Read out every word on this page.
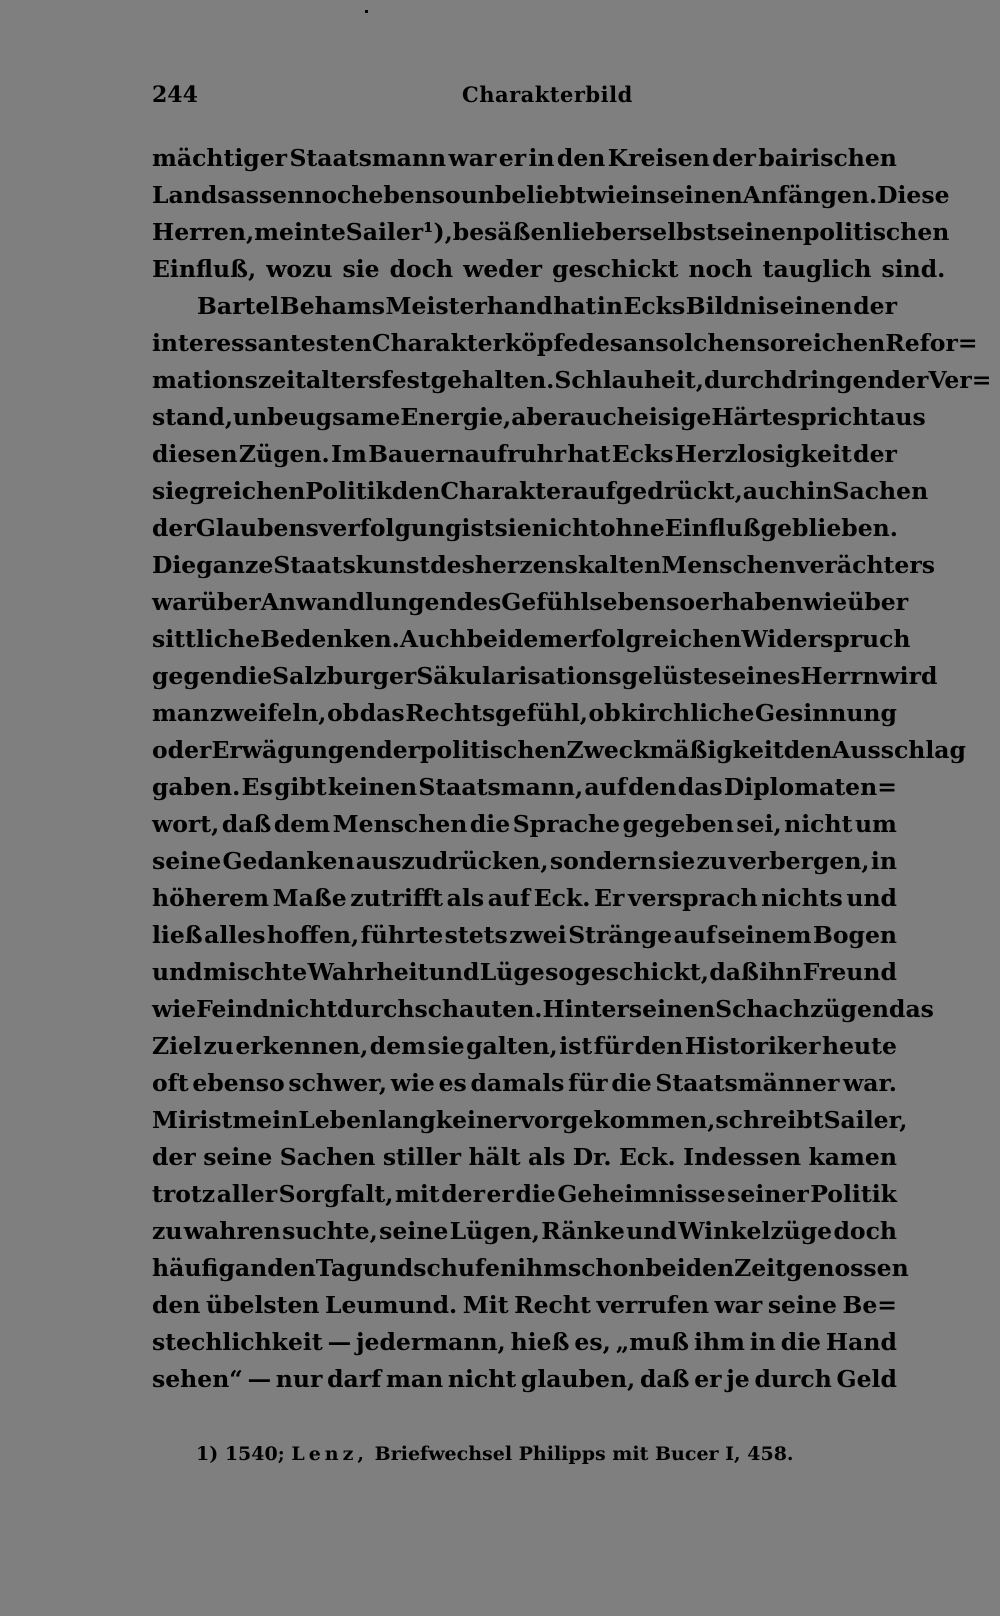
244	Charakterbild
mächtiger Staatsmann war er in den Kreisen der bairischen
Landsassen noch ebenso unbeliebt wie in seinen Anfängen. Diese
Herren, meinte Sailer ¹), besäßen lieber selbst seinen politischen
Einfluß, wozu sie doch weder geschickt noch tauglich sind.
Bartel Behams Meisterhand hat in Ecks Bildnis einen der
interessantesten Charakterköpfe des an solchen so reichen Refor=
mationszeitalters festgehalten. Schlauheit, durchdringender Ver=
stand, unbeugsame Energie, aber auch eisige Härte spricht aus
diesen Zügen. Im Bauernaufruhr hat Ecks Herzlosigkeit der
siegreichen Politik den Charakter aufgedrückt, auch in Sachen
der Glaubensverfolgung ist sie nicht ohne Einfluß geblieben.
Die ganze Staatskunst des herzenskalten Menschenverächters
war über Anwandlungen des Gefühls ebenso erhaben wie über
sittliche Bedenken. Auch bei dem erfolgreichen Widerspruch
gegen die Salzburger Säkularisationsgelüste seines Herrn wird
man zweifeln, ob das Rechtsgefühl, ob kirchliche Gesinnung
oder Erwägungen der politischen Zweckmäßigkeit den Ausschlag
gaben. Es gibt keinen Staatsmann, auf den das Diplomaten=
wort, daß dem Menschen die Sprache gegeben sei, nicht um
seine Gedanken auszudrücken, sondern sie zu verbergen, in
höherem Maße zutrifft als auf Eck. Er versprach nichts und
ließ alles hoffen, führte stets zwei Stränge auf seinem Bogen
und mischte Wahrheit und Lüge so geschickt, daß ihn Freund
wie Feind nicht durchschauten. Hinter seinen Schachzügen das
Ziel zu erkennen, dem sie galten, ist für den Historiker heute
oft ebenso schwer, wie es damals für die Staatsmänner war.
Mir ist mein Leben lang keiner vorgekommen, schreibt Sailer,
der seine Sachen stiller hält als Dr. Eck. Indessen kamen
trotz aller Sorgfalt, mit der er die Geheimnisse seiner Politik
zu wahren suchte, seine Lügen, Ränke und Winkelzüge doch
häufig an den Tag und schufen ihm schon bei den Zeitgenossen
den übelsten Leumund. Mit Recht verrufen war seine Be=
stechlichkeit — jedermann, hieß es, „muß ihm in die Hand
sehen“ — nur darf man nicht glauben, daß er je durch Geld
1) 1540; Lenz, Briefwechsel Philipps mit Bucer I, 458.
